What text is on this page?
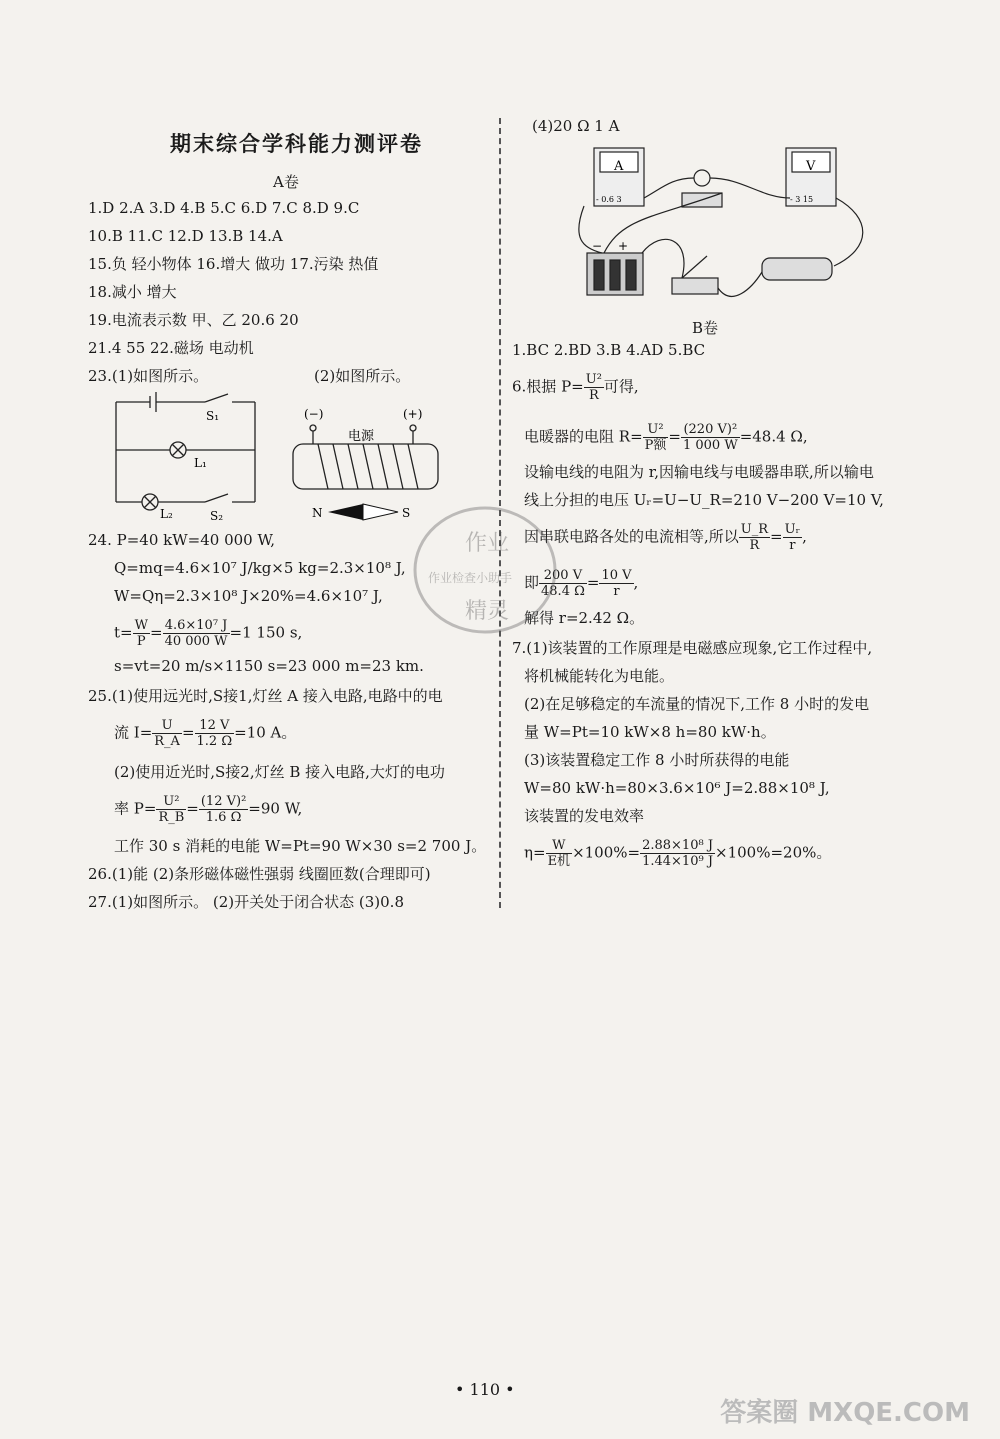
期末综合学科能力测评卷
A卷
1.D 2.A 3.D 4.B 5.C 6.D 7.C 8.D 9.C
10.B 11.C 12.D 13.B 14.A
15.负 轻小物体 16.增大 做功 17.污染 热值
18.减小 增大
19.电流表示数 甲、乙 20.6 20
21.4 55 22.磁场 电动机
23.(1)如图所示。	(2)如图所示。
S₁
L₁
L₂	S₂
(−)	(+)
电源
N	S
24. P=40 kW=40 000 W,
Q=mq=4.6×10⁷ J/kg×5 kg=2.3×10⁸ J,
W=Qη=2.3×10⁸ J×20%=4.6×10⁷ J,
$t= \frac{W}{P} = \frac{\text{4.6×10⁷ J}}{40 000 W} =1$ 150 s,
s=vt=20 m/s×1150 s=23 000 m=23 km.
25.(1)使用远光时,S接1,灯丝 A 接入电路,电路中的电
流 $I= \frac{U}{R\_A} = \frac{12 V}{1.2 \Omega} =10$ A。
(2)使用近光时,S接2,灯丝 B 接入电路,大灯的电功
率 $P= \frac{\text{U²}}{R\_B} = \frac{\text{(12 V)²}}{1.6 \Omega} =90$ W,
工作 30 s 消耗的电能 W=Pt=90 W×30 s=2 700 J。
26.(1)能 (2)条形磁体磁性强弱 线圈匝数(合理即可)
27.(1)如图所示。 (2)开关处于闭合状态 (3)0.8
(4)20 Ω 1 A
A	V
- 0.6 3	- 3 15
− +
B卷
1.BC 2.BD 3.B 4.AD 5.BC
6.根据 $P= \frac{\text{U²}}{R}$ 可得,
电暖器的电阻 $R= \frac{\text{U²}}{\text{P额}} = \frac{\text{(220 V)²}}{1 000 W} =48.4$ Ω,
设输电线的电阻为 r,因输电线与电暖器串联,所以输电
线上分担的电压 Uᵣ=U−U_R=210 V−200 V=10 V,
因串联电路各处的电流相等,所以 $\frac{U\_R}{R} = \frac{\text{Uᵣ}}{r}$ ,
即 $\frac{200 V}{48.4 \Omega} = \frac{10 V}{r}$ ,
解得 r=2.42 Ω。
7.(1)该装置的工作原理是电磁感应现象,它工作过程中,
将机械能转化为电能。
(2)在足够稳定的车流量的情况下,工作 8 小时的发电
量 W=Pt=10 kW×8 h=80 kW·h。
(3)该装置稳定工作 8 小时所获得的电能
W=80 kW·h=80×3.6×10⁶ J=2.88×10⁸ J,
该装置的发电效率
$\eta= \frac{W}{\text{E机}} \times 100\%= \frac{\text{2.88×10⁸ J}}{\text{1.44×10⁹ J}} \times 100\%=20\%$。
作业
作业检查小助手
精灵
• 110 •
答案圈 MXQE.COM
